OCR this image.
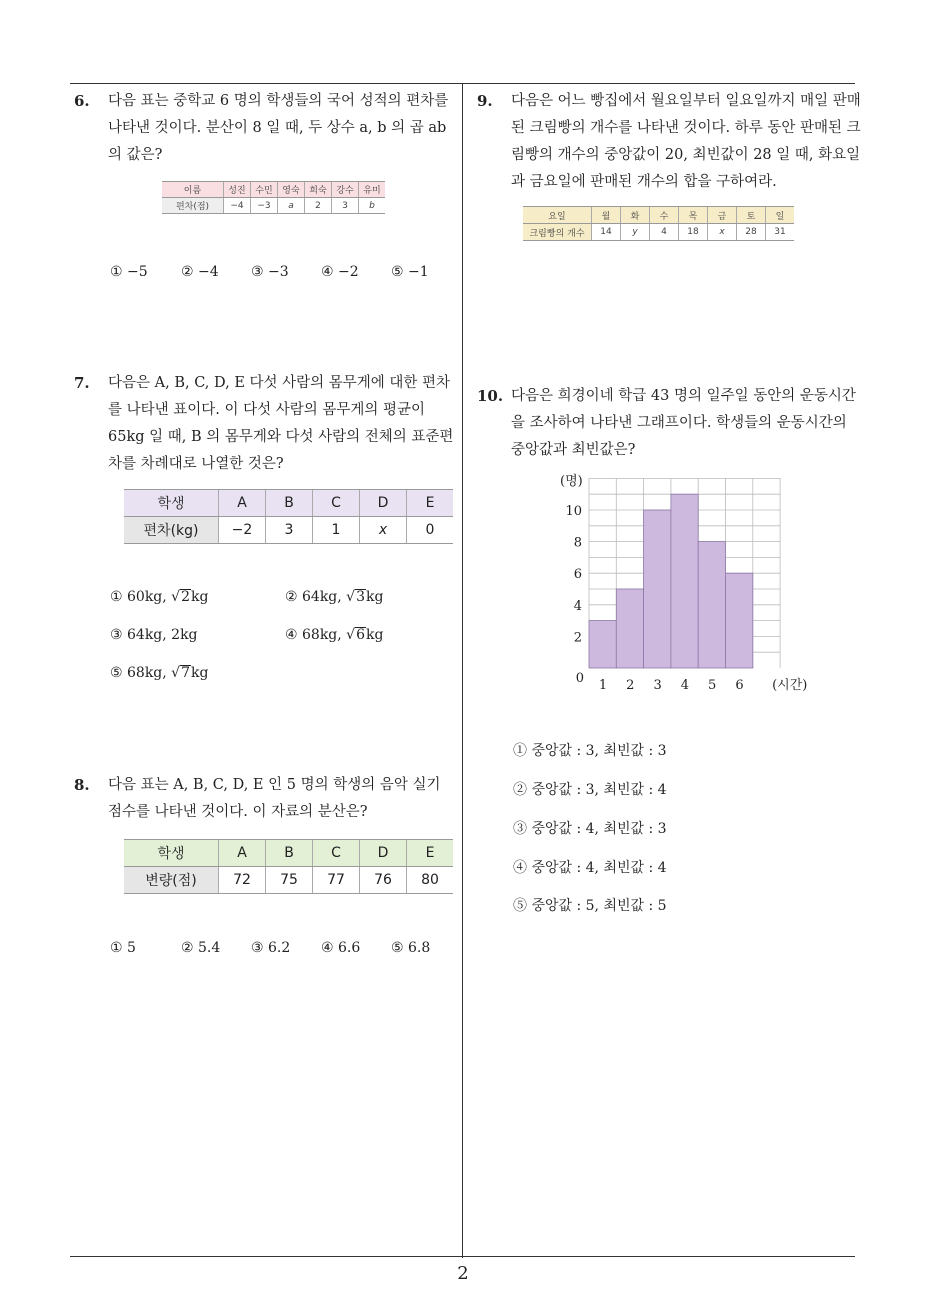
6. 다음 표는 중학교 6 명의 학생들의 국어 성적의 편차를 나타낸 것이다. 분산이 8 일 때, 두 상수 a, b 의 곱 ab 의 값은?
이름	성진	수민	영숙	희숙	강수	유미
편차(점)	−4	−3	a	2	3	b
① −5 ② −4 ③ −3 ④ −2 ⑤ −1
7. 다음은 A, B, C, D, E 다섯 사람의 몸무게에 대한 편차를 나타낸 표이다. 이 다섯 사람의 몸무게의 평균이 65kg 일 때, B 의 몸무게와 다섯 사람의 전체의 표준편차를 차례대로 나열한 것은?
학생	A	B	C	D	E
편차(kg)	−2	3	1	x	0
① 60kg, √2kg	② 64kg, √3kg
③ 64kg, 2kg	④ 68kg, √6kg
⑤ 68kg, √7kg
8. 다음 표는 A, B, C, D, E 인 5 명의 학생의 음악 실기 점수를 나타낸 것이다. 이 자료의 분산은?
학생	A	B	C	D	E
변량(점)	72	75	77	76	80
① 5	② 5.4 ③ 6.2 ④ 6.6 ⑤ 6.8
9. 다음은 어느 빵집에서 월요일부터 일요일까지 매일 판매된 크림빵의 개수를 나타낸 것이다. 하루 동안 판매된 크림빵의 개수의 중앙값이 20, 최빈값이 28 일 때, 화요일과 금요일에 판매된 개수의 합을 구하여라.
요일	월	화	수	목	금	토	일
크림빵의 개수	14	y	4	18	x	28	31
10. 다음은 희경이네 학급 43 명의 일주일 동안의 운동시간을 조사하여 나타낸 그래프이다. 학생들의 운동시간의 중앙값과 최빈값은?
0
2
4
6
8
10
1 2 3 4 5 6
(명)
(시간)
① 중앙값 : 3, 최빈값 : 3
② 중앙값 : 3, 최빈값 : 4
③ 중앙값 : 4, 최빈값 : 3
④ 중앙값 : 4, 최빈값 : 4
⑤ 중앙값 : 5, 최빈값 : 5
2
